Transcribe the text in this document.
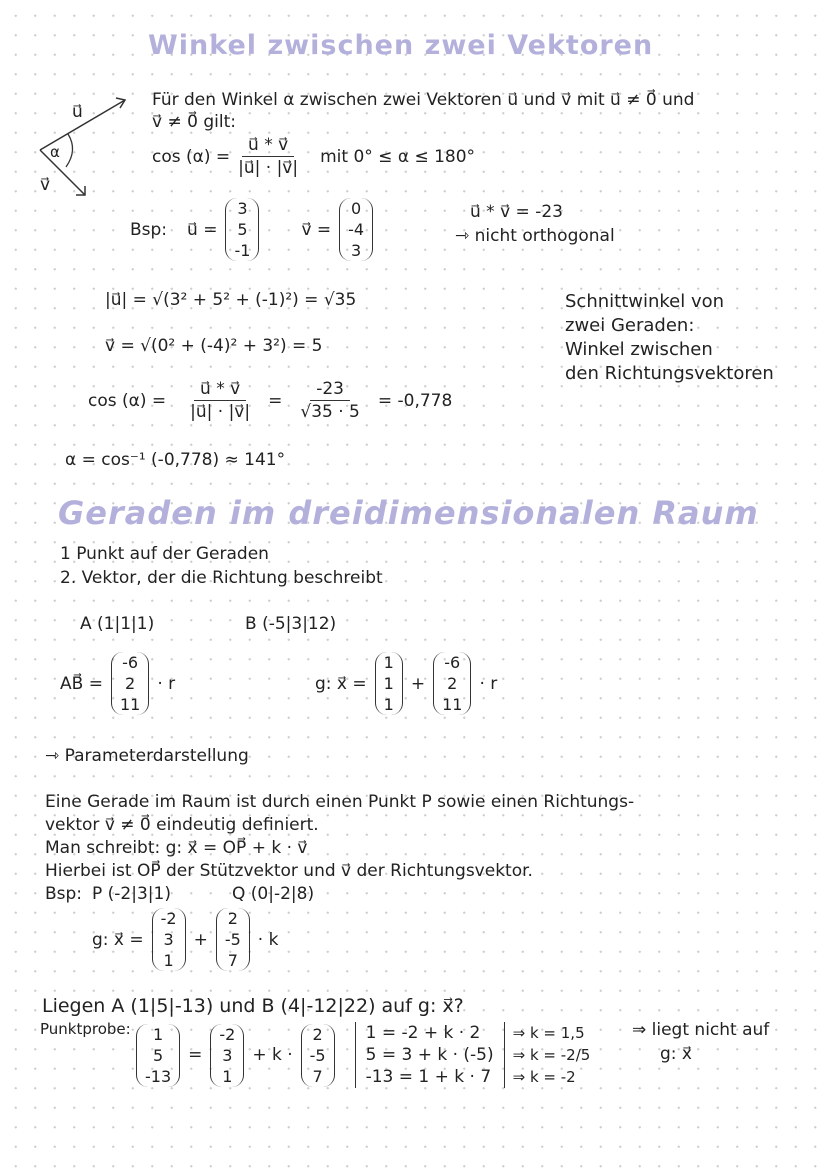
Winkel zwischen zwei Vektoren
u⃗
v⃗
α
Für den Winkel α zwischen zwei Vektoren u⃗ und v⃗ mit u⃗ ≠ 0⃗ und
v⃗ ≠ 0⃗ gilt:
$\cos (\alpha) = \frac{u⃗ * v⃗}{|u⃗| \cdot |v⃗|}$ mit 0° ≤ α ≤ 180°
Bsp: u⃗ =
3
5
-1
v⃗ =
0
-4
3
u⃗ * v⃗ = -23
⇾ nicht orthogonal
|u⃗| = √(3² + 5² + (-1)²) = √35
v⃗ = √(0² + (-4)² + 3²) = 5
$\cos (\alpha) = \frac{u⃗ * v⃗}{|u⃗| \cdot |v⃗|} = \frac{-23}{√35 \cdot 5} = -0,778$
α = cos⁻¹ (-0,778) ≈ 141°
Schnittwinkel von
zwei Geraden:
Winkel zwischen
den Richtungsvektoren
Geraden im dreidimensionalen Raum
1 Punkt auf der Geraden
2. Vektor, der die Richtung beschreibt
A (1|1|1)	B (-5|3|12)
AB⃗ =
-6
2
11
· r	g: x⃗ =
1
1
1
+
-6
2
11
· r
⇾ Parameterdarstellung
Eine Gerade im Raum ist durch einen Punkt P sowie einen Richtungs-
vektor v⃗ ≠ 0⃗ eindeutig definiert.
Man schreibt: g: x⃗ = OP⃗ + k · v⃗
Hierbei ist OP⃗ der Stützvektor und v⃗ der Richtungsvektor.
Bsp: P (-2|3|1)	Q (0|-2|8)
g: x⃗ =
-2
3
1
+
2
-5
7
· k
Liegen A (1|5|-13) und B (4|-12|22) auf g: x⃗?
Punktprobe: 1
5
-13
=
-2
3
1
+ k ·
2
-5
7
1 = -2 + k · 2
5 = 3 + k · (-5)
-13 = 1 + k · 7
⇒ k = 1,5
⇒ k = -2/5
⇒ k = -2
⇒ liegt nicht auf
g: x⃗
